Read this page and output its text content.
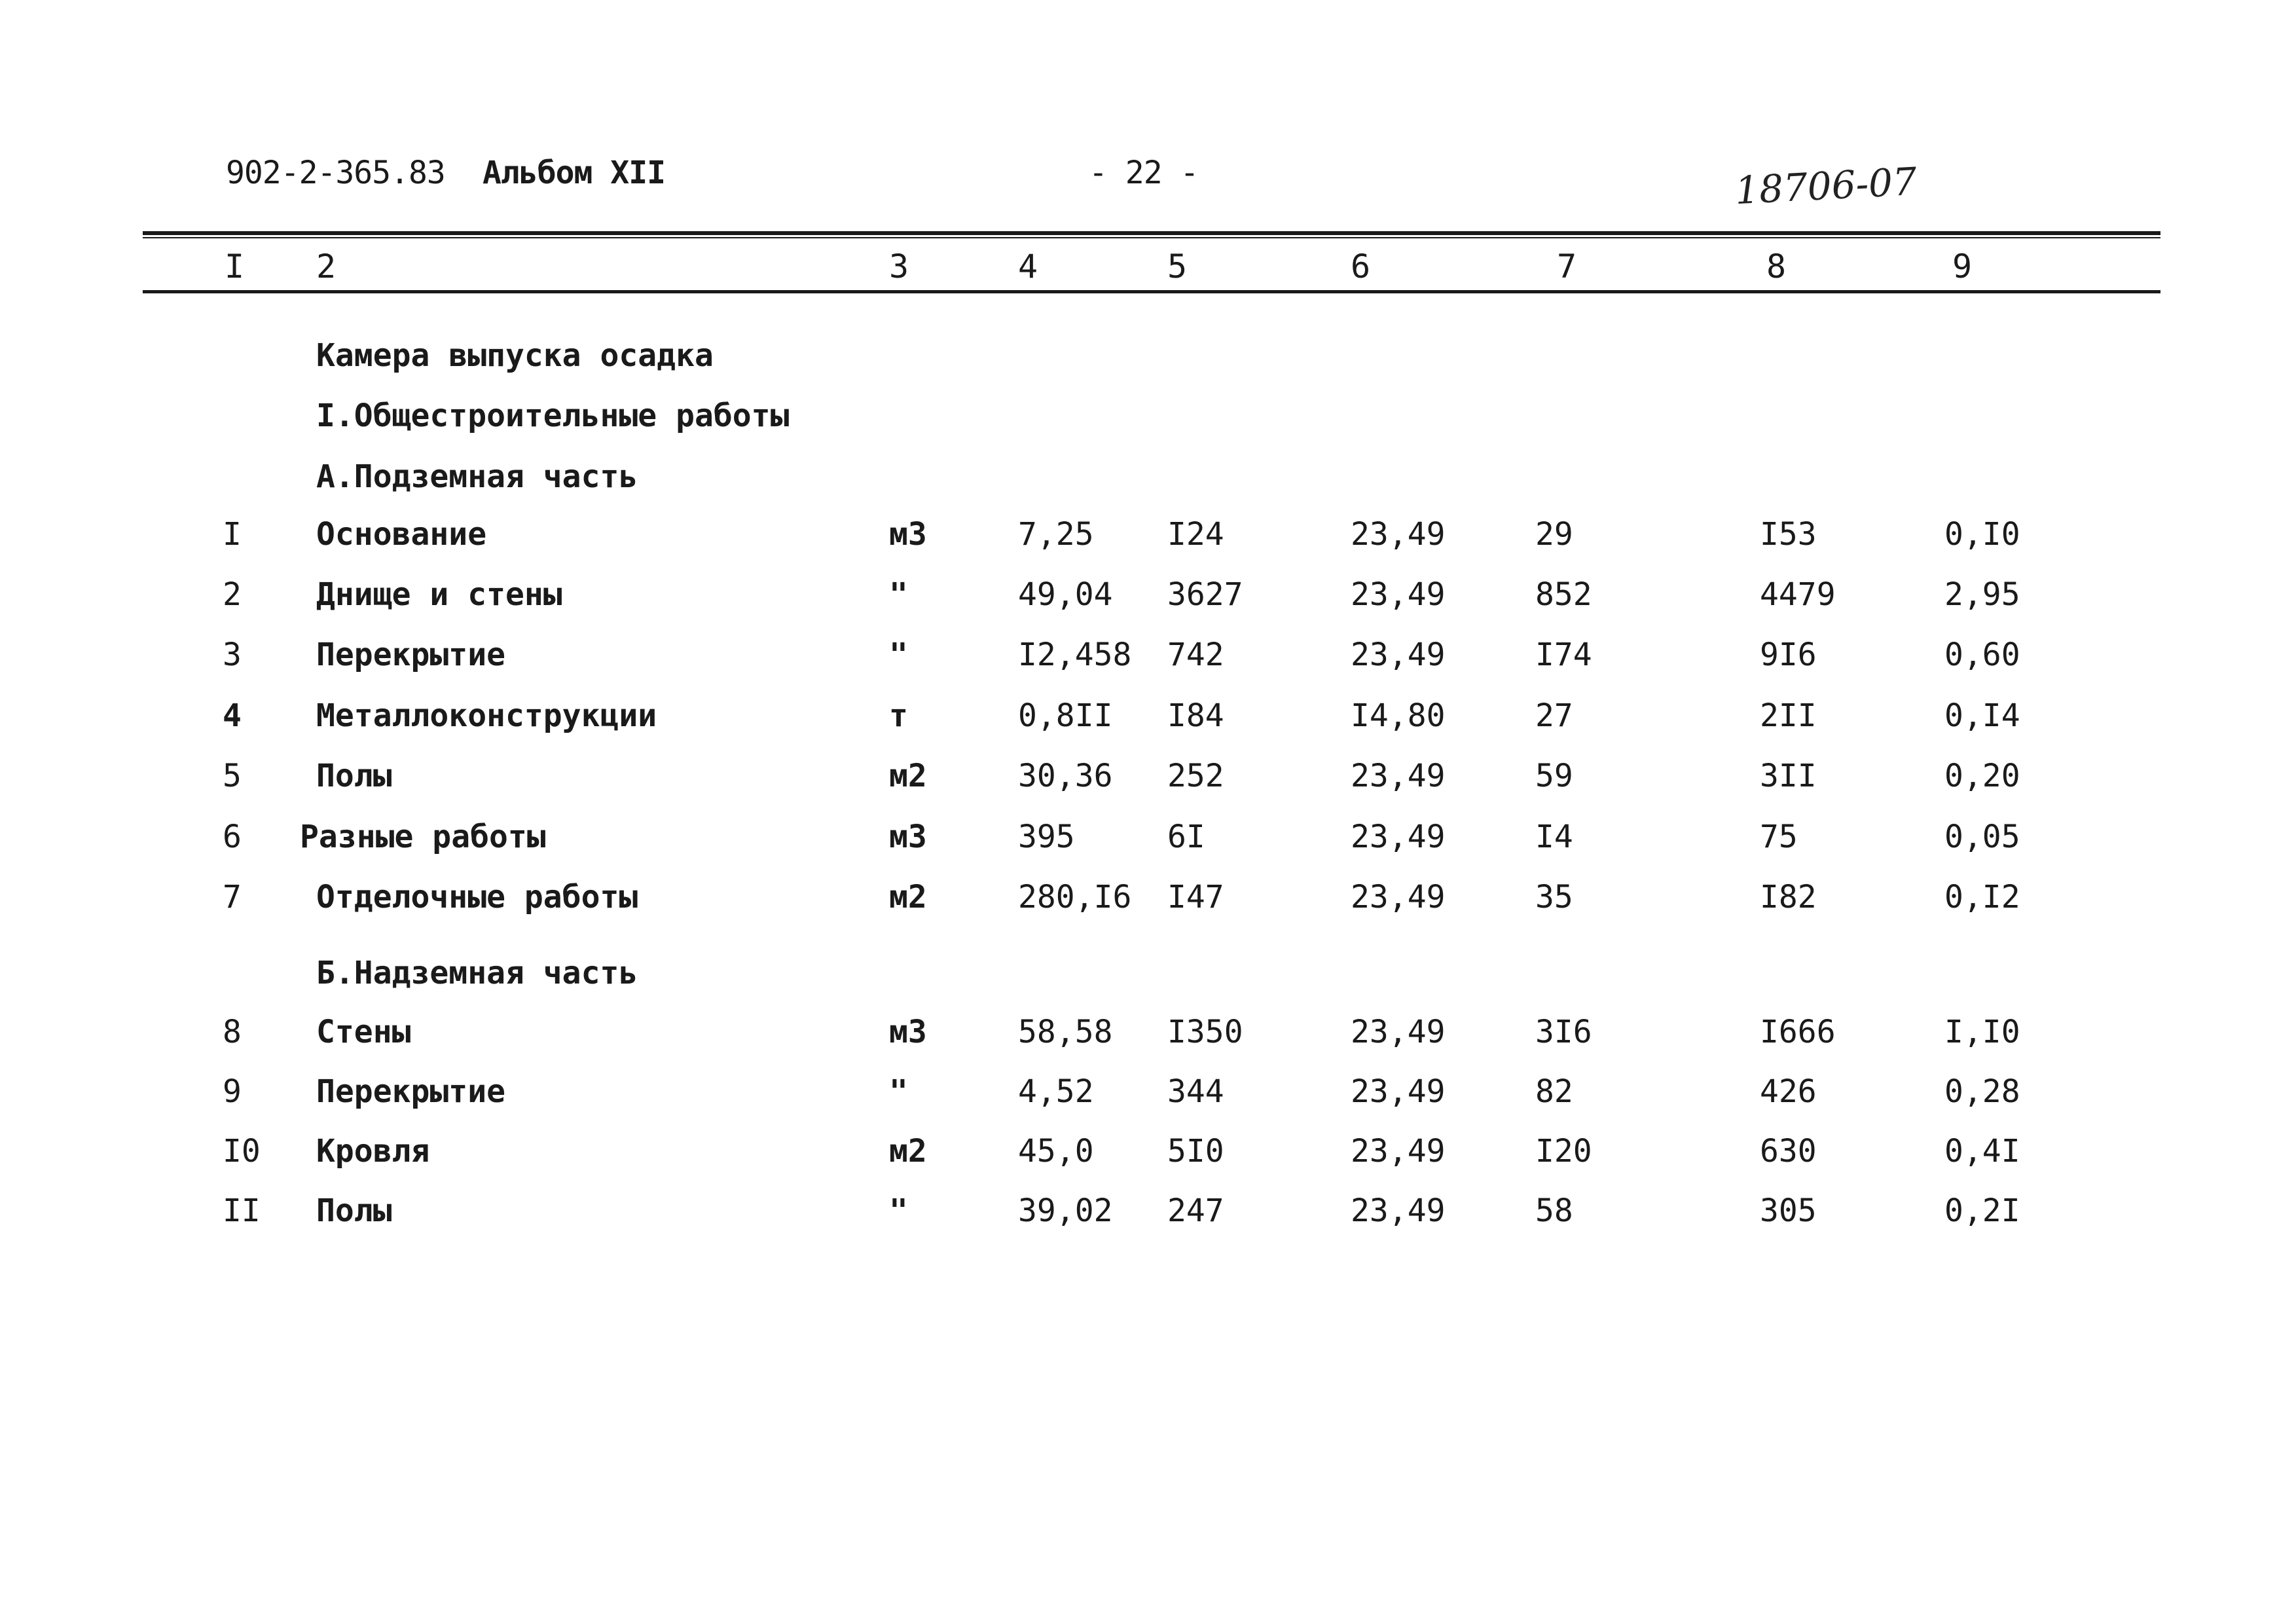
902-2-365.83 Альбом XII	- 22 -	18706-07
I 2	3	4	5	6	7	8	9
Камера выпуска осадка
I.Общестроительные работы
А.Подземная часть
I Основание	м3	7,25 I24	23,49	29	I53	0,I0
2 Днище и стены	"	49,04 3627	23,49	852	4479	2,95
3 Перекрытие	"	I2,458 742	23,49	I74	9I6	0,60
4 Металлоконструкции	т	0,8II I84	I4,80	27	2II	0,I4
5 Полы	м2	30,36 252	23,49	59	3II	0,20
6 Разные работы	м3	395	6I	23,49	I4	75	0,05
7 Отделочные работы	м2	280,I6 I47	23,49	35	I82	0,I2
Б.Надземная часть
8 Стены	м3	58,58 I350	23,49	3I6	I666	I,I0
9 Перекрытие	"	4,52 344	23,49	82	426	0,28
I0 Кровля	м2	45,0 5I0	23,49	I20	630	0,4I
II Полы	"	39,02 247	23,49	58	305	0,2I
